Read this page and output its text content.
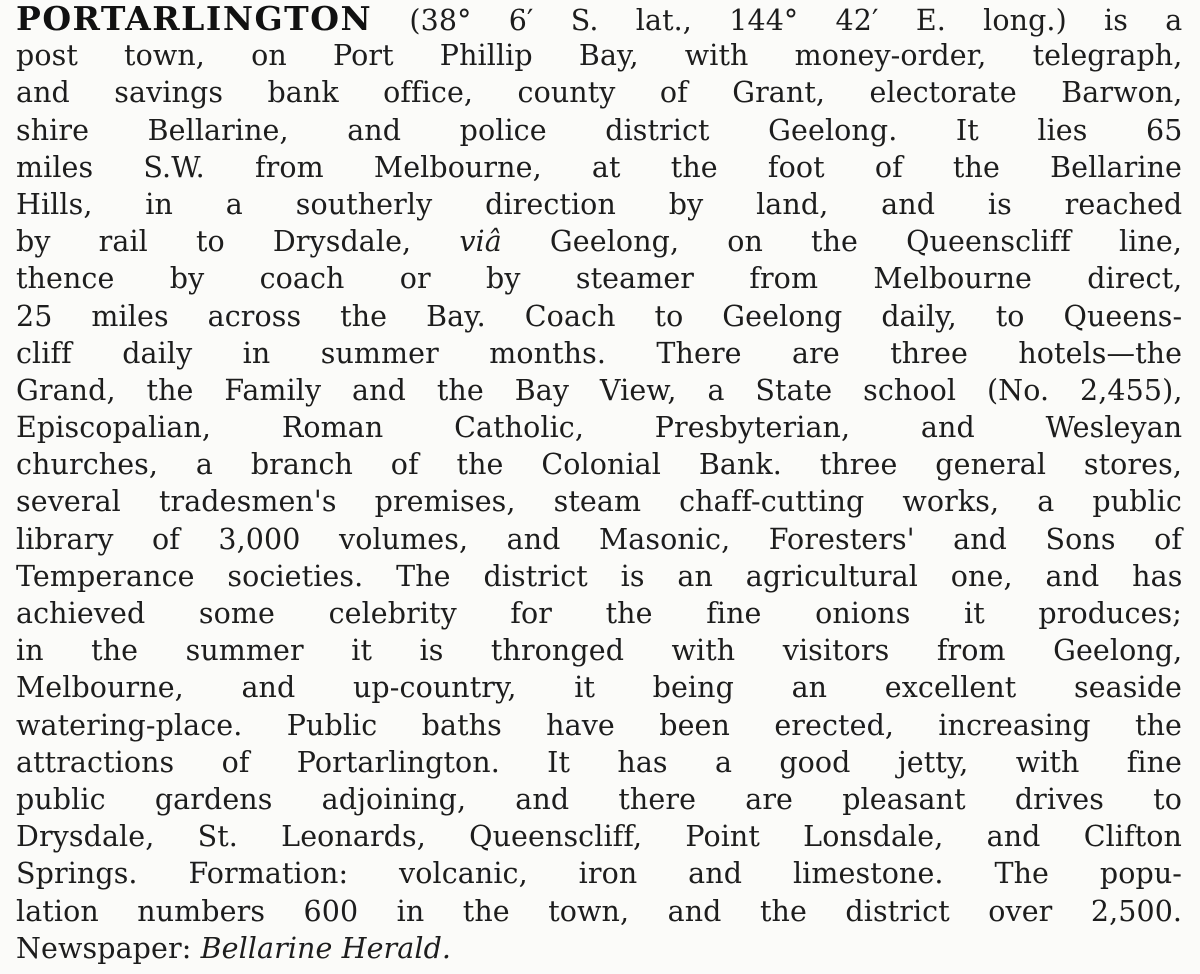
PORTARLINGTON (38° 6′ S. lat., 144° 42′ E. long.) is a
post town, on Port Phillip Bay, with money-order, telegraph,
and savings bank office, county of Grant, electorate Barwon,
shire Bellarine, and police district Geelong. It lies 65
miles S.W. from Melbourne, at the foot of the Bellarine
Hills, in a southerly direction by land, and is reached
by rail to Drysdale, viâ Geelong, on the Queenscliff line,
thence by coach or by steamer from Melbourne direct,
25 miles across the Bay. Coach to Geelong daily, to Queens-
cliff daily in summer months. There are three hotels—the
Grand, the Family and the Bay View, a State school (No. 2,455),
Episcopalian, Roman Catholic, Presbyterian, and Wesleyan
churches, a branch of the Colonial Bank. three general stores,
several tradesmen's premises, steam chaff-cutting works, a public
library of 3,000 volumes, and Masonic, Foresters' and Sons of
Temperance societies. The district is an agricultural one, and has
achieved some celebrity for the fine onions it produces;
in the summer it is thronged with visitors from Geelong,
Melbourne, and up-country, it being an excellent seaside
watering-place. Public baths have been erected, increasing the
attractions of Portarlington. It has a good jetty, with fine
public gardens adjoining, and there are pleasant drives to
Drysdale, St. Leonards, Queenscliff, Point Lonsdale, and Clifton
Springs. Formation: volcanic, iron and limestone. The popu-
lation numbers 600 in the town, and the district over 2,500.
Newspaper: Bellarine Herald.
